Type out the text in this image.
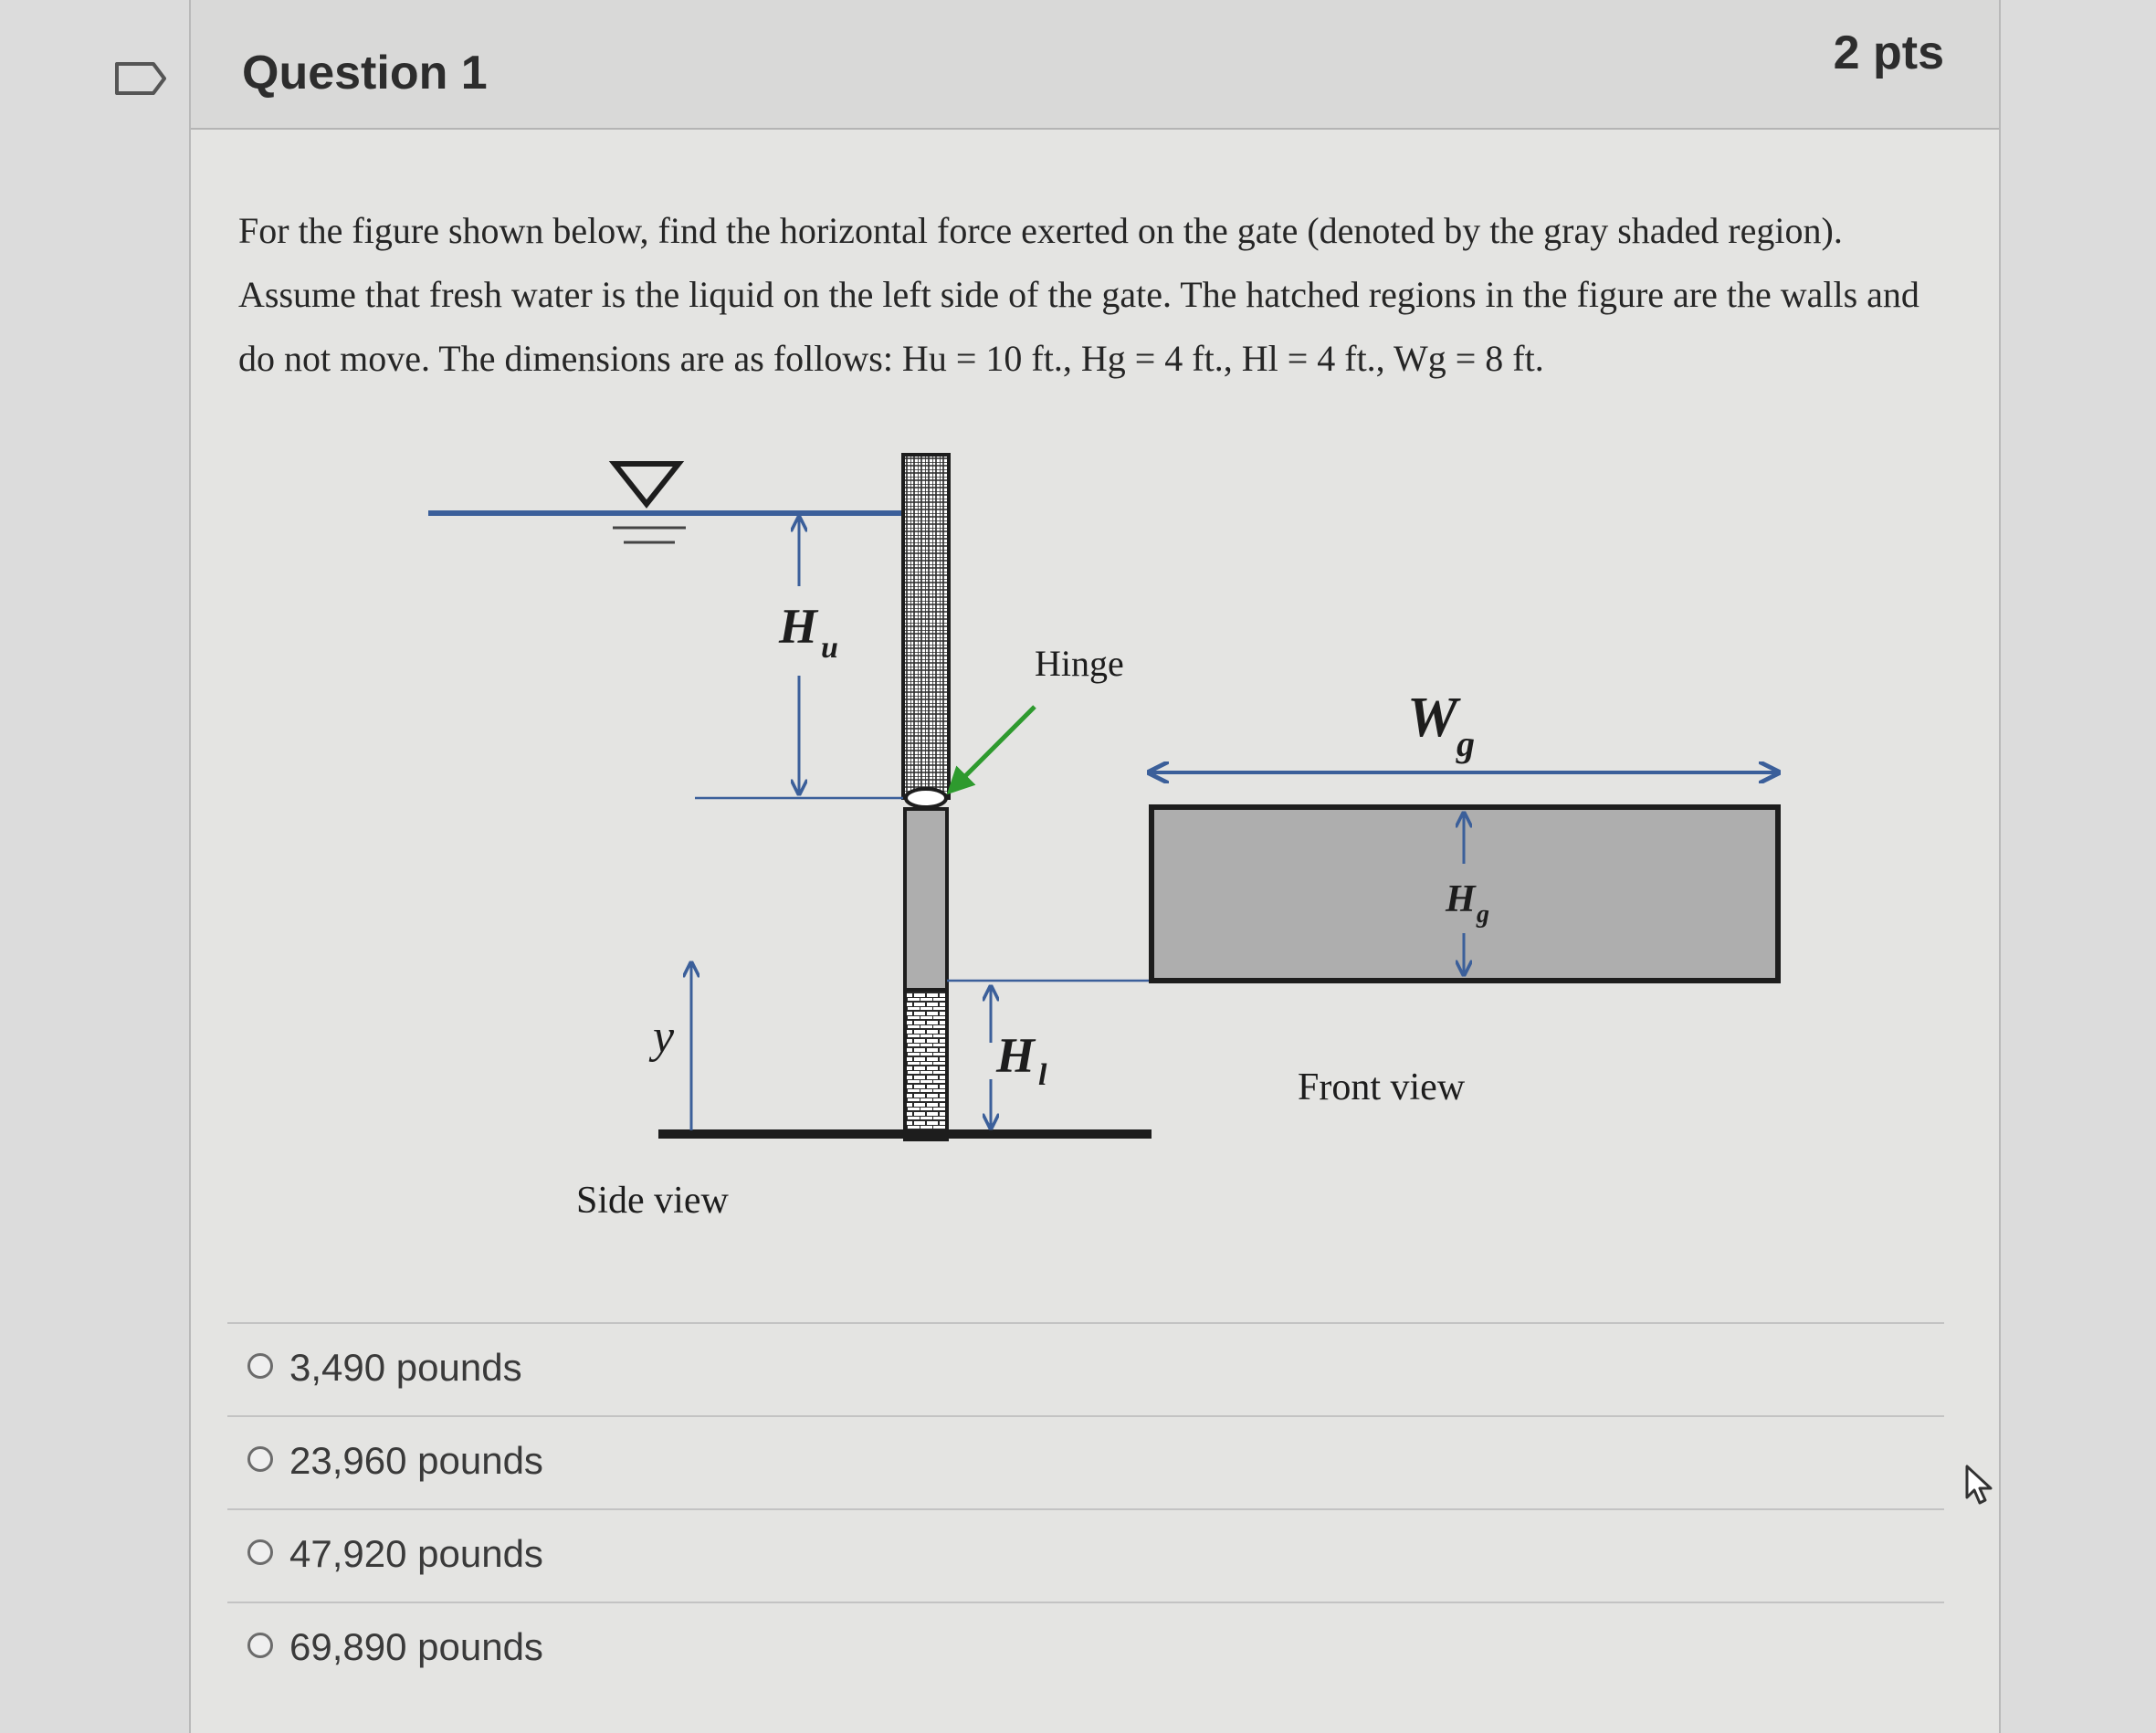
Question 1	2 pts
For the figure shown below, find the horizontal force exerted on the gate (denoted by the gray shaded region). Assume that fresh water is the liquid on the left side of the gate. The hatched regions in the figure are the walls and do not move. The dimensions are as follows: Hu = 10 ft., Hg = 4 ft., Hl = 4 ft., Wg = 8 ft.
H u	Hinge
y	H l
Side view
W
g
H g
Front view
3,490 pounds
23,960 pounds
47,920 pounds
69,890 pounds
